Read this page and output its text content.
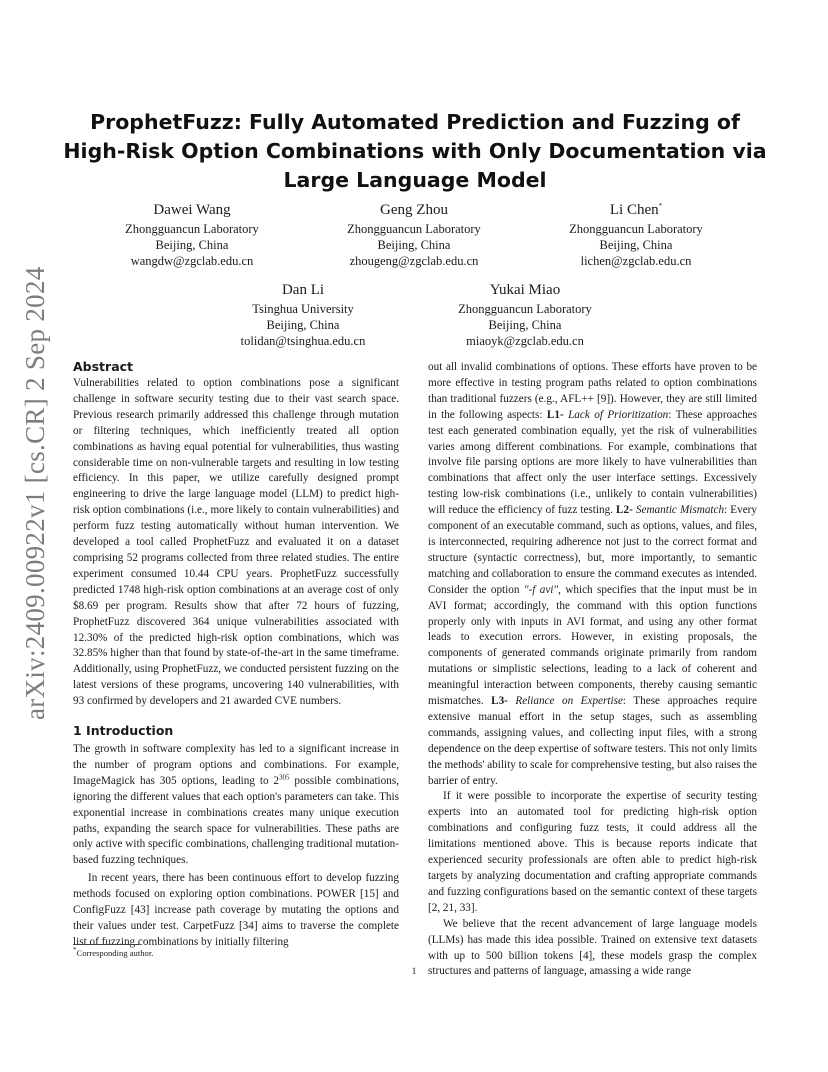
arXiv:2409.00922v1 [cs.CR] 2 Sep 2024
ProphetFuzz: Fully Automated Prediction and Fuzzing of
High-Risk Option Combinations with Only Documentation via
Large Language Model
Dawei Wang
Zhongguancun Laboratory
Beijing, China
wangdw@zgclab.edu.cn
Geng Zhou
Zhongguancun Laboratory
Beijing, China
zhougeng@zgclab.edu.cn
Li Chen*
Zhongguancun Laboratory
Beijing, China
lichen@zgclab.edu.cn
Dan Li
Tsinghua University
Beijing, China
tolidan@tsinghua.edu.cn
Yukai Miao
Zhongguancun Laboratory
Beijing, China
miaoyk@zgclab.edu.cn
Abstract

Vulnerabilities related to option combinations pose a significant challenge in software security testing due to their vast search space. Previous research primarily addressed this challenge through mutation or filtering techniques, which inefficiently treated all option combinations as having equal potential for vulnerabilities, thus wasting considerable time on non-vulnerable targets and resulting in low testing efficiency. In this paper, we utilize carefully designed prompt engineering to drive the large language model (LLM) to predict high-risk option combinations (i.e., more likely to contain vulnerabilities) and perform fuzz testing automatically without human intervention. We developed a tool called ProphetFuzz and evaluated it on a dataset comprising 52 programs collected from three related studies. The entire experiment consumed 10.44 CPU years. ProphetFuzz successfully predicted 1748 high-risk option combinations at an average cost of only $8.69 per program. Results show that after 72 hours of fuzzing, ProphetFuzz discovered 364 unique vulnerabilities associated with 12.30% of the predicted high-risk option combinations, which was 32.85% higher than that found by state-of-the-art in the same timeframe. Additionally, using ProphetFuzz, we conducted persistent fuzzing on the latest versions of these programs, uncovering 140 vulnerabilities, with 93 confirmed by developers and 21 awarded CVE numbers.

1 Introduction

The growth in software complexity has led to a significant increase in the number of program options and combinations. For example, ImageMagick has 305 options, leading to $2^{305}$ possible combinations, ignoring the different values that each option's parameters can take. This exponential increase in combinations creates many unique execution paths, expanding the search space for vulnerabilities. These paths are only active with specific combinations, challenging traditional mutation-based fuzzing techniques.

In recent years, there has been continuous effort to develop fuzzing methods focused on exploring option combinations. POWER [15] and ConfigFuzz [43] increase path coverage by mutating the options and their values under test. CarpetFuzz [34] aims to traverse the complete list of fuzzing combinations by initially filtering

out all invalid combinations of options. These efforts have proven to be more effective in testing program paths related to option combinations than traditional fuzzers (e.g., AFL++ [9]). However, they are still limited in the following aspects: L1- Lack of Prioritization: These approaches test each generated combination equally, yet the risk of vulnerabilities varies among different combinations. For example, combinations that involve file parsing options are more likely to have vulnerabilities than combinations that affect only the user interface settings. Excessively testing low-risk combinations (i.e., unlikely to contain vulnerabilities) will reduce the efficiency of fuzz testing. L2- Semantic Mismatch: Every component of an executable command, such as options, values, and files, is interconnected, requiring adherence not just to the correct format and structure (syntactic correctness), but, more importantly, to semantic matching and collaboration to ensure the command executes as intended. Consider the option "-f avi", which specifies that the input must be in AVI format; accordingly, the command with this option functions properly only with inputs in AVI format, and using any other format leads to execution errors. However, in existing proposals, the components of generated commands originate primarily from random mutations or simplistic selections, leading to a lack of coherent and meaningful interaction between components, thereby causing semantic mismatches. L3- Reliance on Expertise: These approaches require extensive manual effort in the setup stages, such as assembling commands, assigning values, and collecting input files, with a strong dependence on the deep expertise of software testers. This not only limits the methods' ability to scale for comprehensive testing, but also raises the barrier of entry.

If it were possible to incorporate the expertise of security testing experts into an automated tool for predicting high-risk option combinations and configuring fuzz tests, it could address all the limitations mentioned above. This is because reports indicate that experienced security professionals are often able to predict high-risk targets by analyzing documentation and crafting appropriate commands and fuzzing configurations based on the semantic context of these targets [2, 21, 33].

We believe that the recent advancement of large language models (LLMs) has made this idea possible. Trained on extensive text datasets with up to 500 billion tokens [4], these models grasp the complex structures and patterns of language, amassing a wide range

*Corresponding author.
1
